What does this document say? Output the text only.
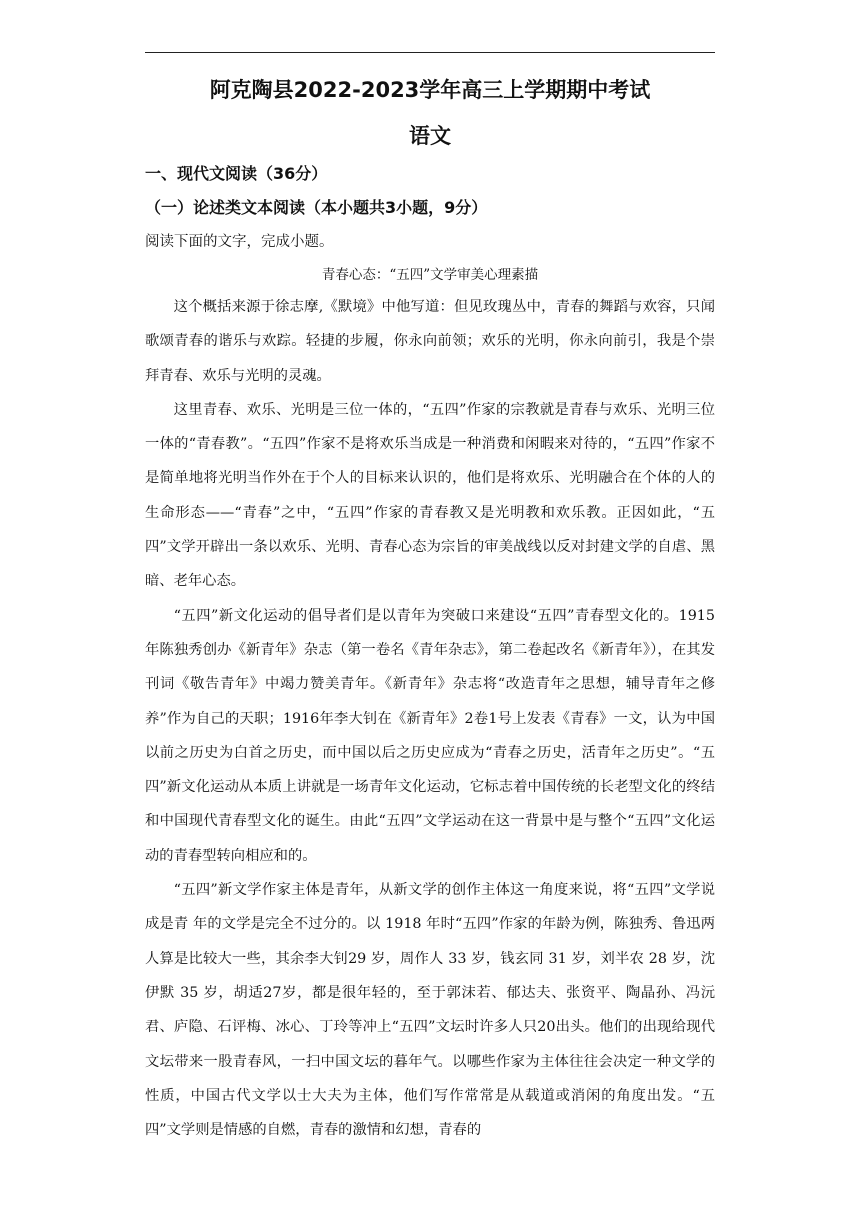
阿克陶县2022-2023学年高三上学期期中考试
语文
一、现代文阅读（36分）
（一）论述类文本阅读（本小题共3小题，9分）
阅读下面的文字，完成小题。
青春心态：“五四”文学审美心理素描

这个概括来源于徐志摩,《默境》中他写道：但见玫瑰丛中，青春的舞蹈与欢容，只闻歌颂青春的谐乐与欢踪。轻捷的步履，你永向前领；欢乐的光明，你永向前引，我是个崇拜青春、欢乐与光明的灵魂。

这里青春、欢乐、光明是三位一体的，“五四”作家的宗教就是青春与欢乐、光明三位一体的“青春教”。“五四”作家不是将欢乐当成是一种消费和闲暇来对待的，“五四”作家不是简单地将光明当作外在于个人的目标来认识的，他们是将欢乐、光明融合在个体的人的生命形态——“青春”之中，“五四”作家的青春教又是光明教和欢乐教。正因如此，“五四”文学开辟出一条以欢乐、光明、青春心态为宗旨的审美战线以反对封建文学的自虐、黑暗、老年心态。

“五四”新文化运动的倡导者们是以青年为突破口来建设“五四”青春型文化的。1915 年陈独秀创办《新青年》杂志（第一卷名《青年杂志》，第二卷起改名《新青年》），在其发刊词《敬告青年》中竭力赞美青年。《新青年》杂志将“改造青年之思想，辅导青年之修养”作为自己的天职；1916年李大钊在《新青年》2卷1号上发表《青春》一文，认为中国以前之历史为白首之历史，而中国以后之历史应成为“青春之历史，活青年之历史”。“五四”新文化运动从本质上讲就是一场青年文化运动，它标志着中国传统的长老型文化的终结和中国现代青春型文化的诞生。由此“五四”文学运动在这一背景中是与整个“五四”文化运动的青春型转向相应和的。

“五四”新文学作家主体是青年，从新文学的创作主体这一角度来说，将“五四”文学说成是青 年的文学是完全不过分的。以 1918 年时“五四”作家的年龄为例，陈独秀、鲁迅两人算是比较大一些，其余李大钊29 岁，周作人 33 岁，钱玄同 31 岁，刘半农 28 岁，沈伊默 35 岁，胡适27岁，都是很年轻的，至于郭沫若、郁达夫、张资平、陶晶孙、冯沅君、庐隐、石评梅、冰心、丁玲等冲上“五四”文坛时许多人只20出头。他们的出现给现代文坛带来一股青春风，一扫中国文坛的暮年气。以哪些作家为主体往往会决定一种文学的性质，中国古代文学以士大夫为主体，他们写作常常是从载道或消闲的角度出发。“五四”文学则是情感的自燃，青春的激情和幻想，青春的
